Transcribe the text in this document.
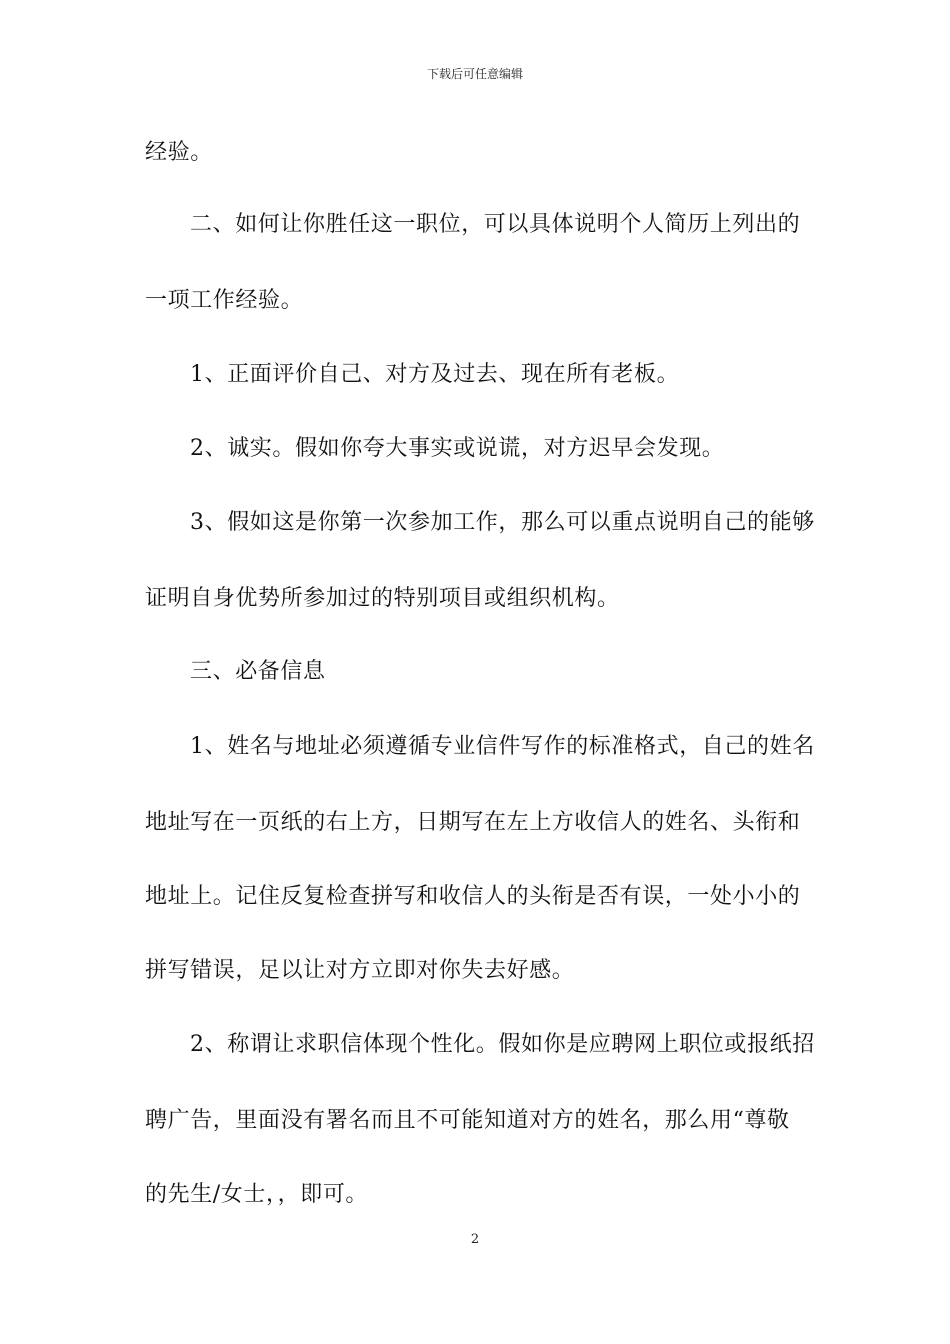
下载后可任意编辑
经验。
二、如何让你胜任这一职位，可以具体说明个人简历上列出的
一项工作经验。
1、正面评价自己、对方及过去、现在所有老板。
2、诚实。假如你夸大事实或说谎，对方迟早会发现。
3、假如这是你第一次参加工作，那么可以重点说明自己的能够
证明自身优势所参加过的特别项目或组织机构。
三、必备信息
1、姓名与地址必须遵循专业信件写作的标准格式，自己的姓名
地址写在一页纸的右上方，日期写在左上方收信人的姓名、头衔和
地址上。记住反复检查拼写和收信人的头衔是否有误，一处小小的
拼写错误，足以让对方立即对你失去好感。
2、称谓让求职信体现个性化。假如你是应聘网上职位或报纸招
聘广告，里面没有署名而且不可能知道对方的姓名，那么用“尊敬
的先生/女士，，即可。
2
